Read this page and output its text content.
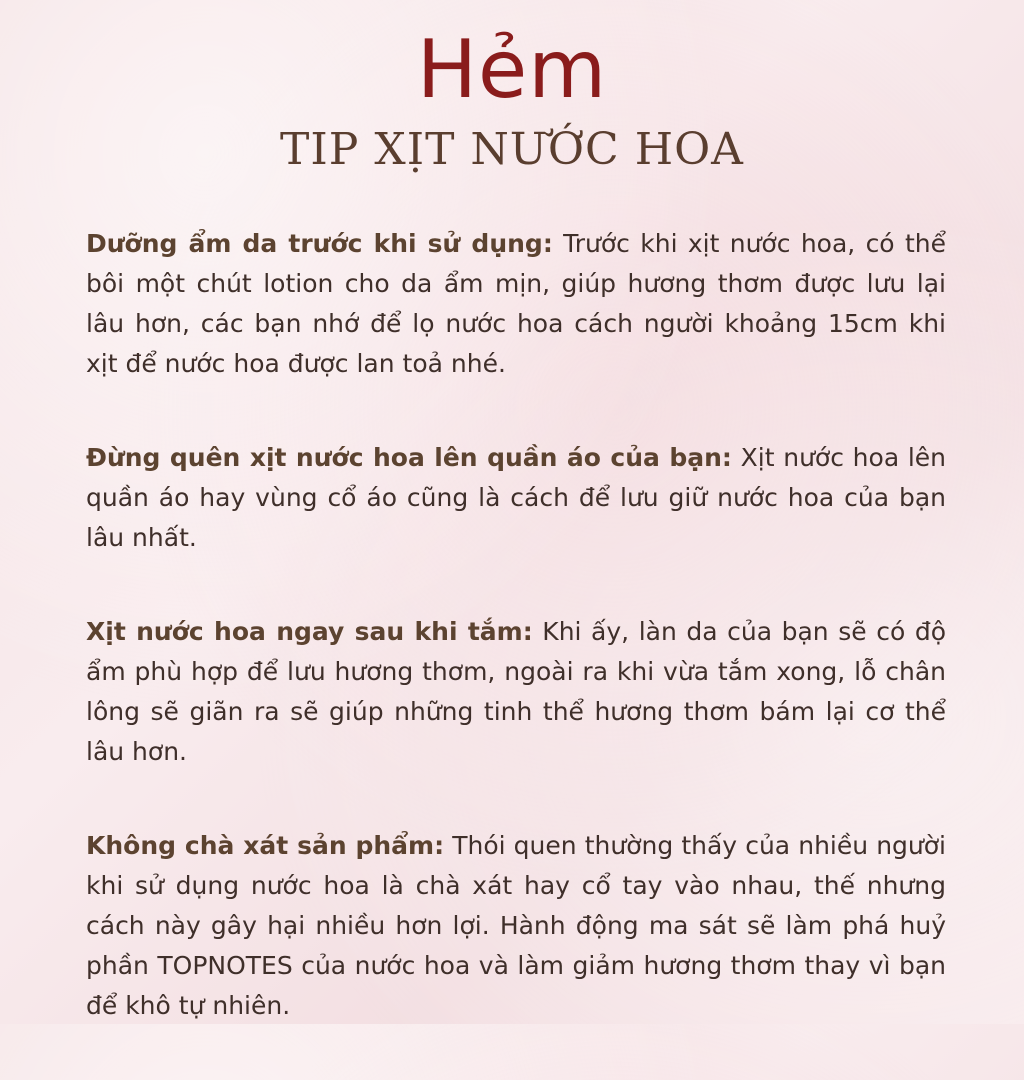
Hẻm
TIP XỊT NƯỚC HOA

Dưỡng ẩm da trước khi sử dụng: Trước khi xịt nước hoa, có thể bôi một chút lotion cho da ẩm mịn, giúp hương thơm được lưu lại lâu hơn, các bạn nhớ để lọ nước hoa cách người khoảng 15cm khi xịt để nước hoa được lan toả nhé.

Đừng quên xịt nước hoa lên quần áo của bạn: Xịt nước hoa lên quần áo hay vùng cổ áo cũng là cách để lưu giữ nước hoa của bạn lâu nhất.

Xịt nước hoa ngay sau khi tắm: Khi ấy, làn da của bạn sẽ có độ ẩm phù hợp để lưu hương thơm, ngoài ra khi vừa tắm xong, lỗ chân lông sẽ giãn ra sẽ giúp những tinh thể hương thơm bám lại cơ thể lâu hơn.

Không chà xát sản phẩm: Thói quen thường thấy của nhiều người khi sử dụng nước hoa là chà xát hay cổ tay vào nhau, thế nhưng cách này gây hại nhiều hơn lợi. Hành động ma sát sẽ làm phá huỷ phần TOPNOTES của nước hoa và làm giảm hương thơm thay vì bạn để khô tự nhiên.
